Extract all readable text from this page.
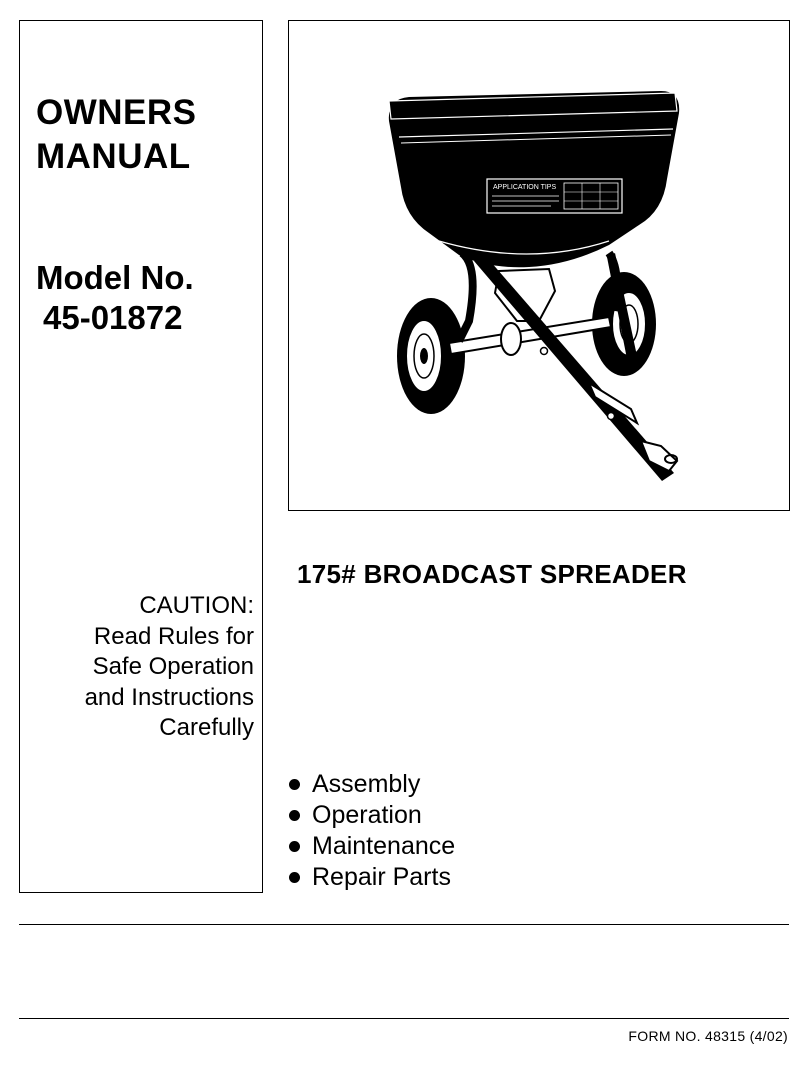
OWNERS
MANUAL
Model No.
45-01872

CAUTION:
Read Rules for
Safe Operation
and Instructions
Carefully

APPLICATION TIPS
175# BROADCAST SPREADER
Assembly
Operation
Maintenance
Repair Parts

FORM NO. 48315 (4/02)
